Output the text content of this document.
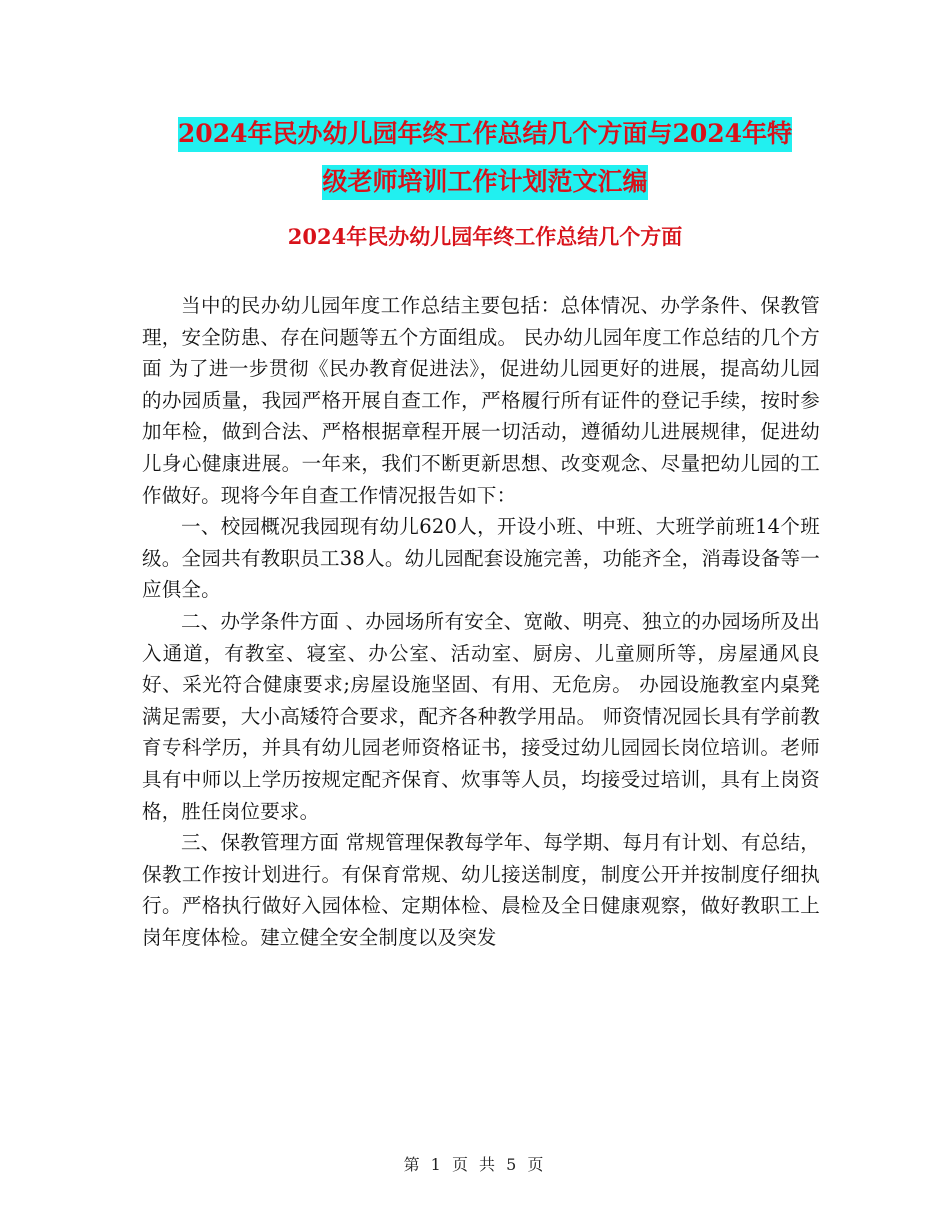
2024年民办幼儿园年终工作总结几个方面与2024年特
级老师培训工作计划范文汇编
2024年民办幼儿园年终工作总结几个方面

当中的民办幼儿园年度工作总结主要包括：总体情况、办学条件、保教管理，安全防患、存在问题等五个方面组成。 民办幼儿园年度工作总结的几个方面 为了进一步贯彻《民办教育促进法》，促进幼儿园更好的进展，提高幼儿园的办园质量，我园严格开展自查工作，严格履行所有证件的登记手续，按时参加年检，做到合法、严格根据章程开展一切活动，遵循幼儿进展规律，促进幼儿身心健康进展。一年来，我们不断更新思想、改变观念、尽量把幼儿园的工作做好。现将今年自查工作情况报告如下：

一、校园概况我园现有幼儿620人，开设小班、中班、大班学前班14个班级。全园共有教职员工38人。幼儿园配套设施完善，功能齐全，消毒设备等一应俱全。

二、办学条件方面 、办园场所有安全、宽敞、明亮、独立的办园场所及出入通道，有教室、寝室、办公室、活动室、厨房、儿童厕所等，房屋通风良好、采光符合健康要求;房屋设施坚固、有用、无危房。 办园设施教室内桌凳满足需要，大小高矮符合要求，配齐各种教学用品。 师资情况园长具有学前教育专科学历，并具有幼儿园老师资格证书，接受过幼儿园园长岗位培训。老师具有中师以上学历按规定配齐保育、炊事等人员，均接受过培训，具有上岗资格，胜任岗位要求。

三、保教管理方面 常规管理保教每学年、每学期、每月有计划、有总结，保教工作按计划进行。有保育常规、幼儿接送制度，制度公开并按制度仔细执行。严格执行做好入园体检、定期体检、晨检及全日健康观察，做好教职工上岗年度体检。建立健全安全制度以及突发

第 1 页 共 5 页
